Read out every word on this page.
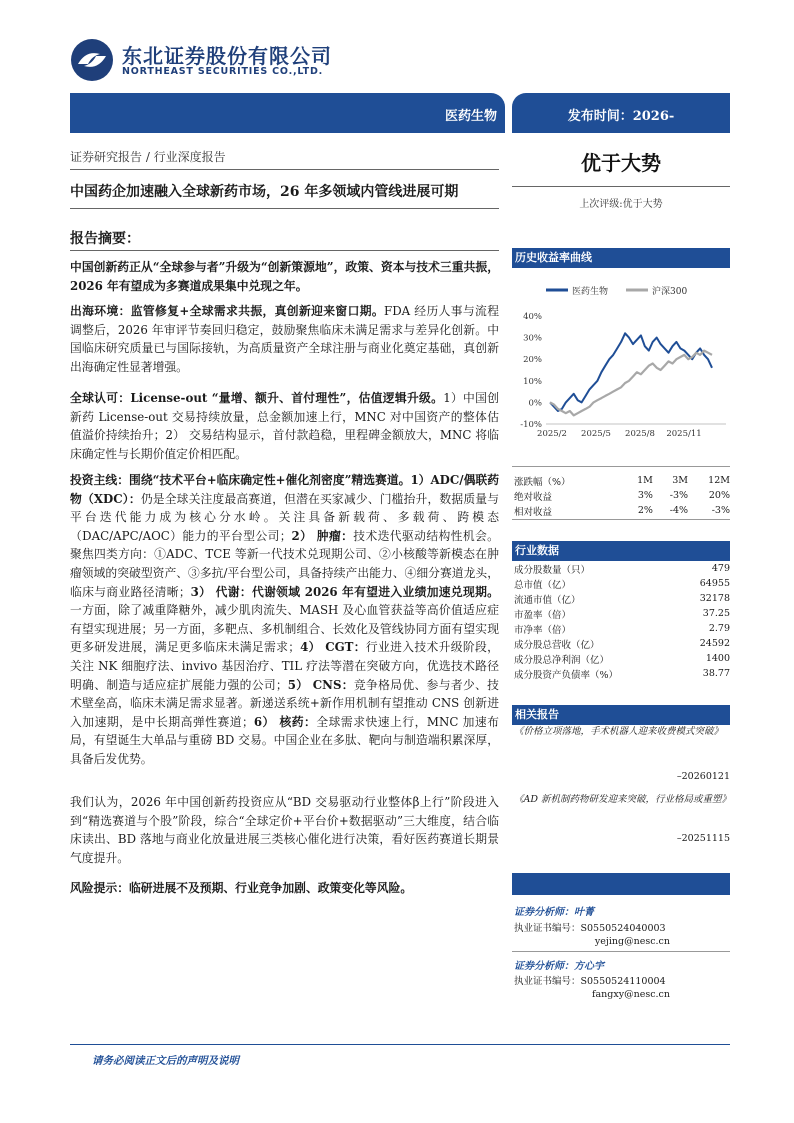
东北证券股份有限公司
NORTHEAST SECURITIES CO.,LTD.
医药生物	发布时间：2026-
证券研究报告 / 行业深度报告
中国药企加速融入全球新药市场，26 年多领域内管线进展可期
优于大势
上次评级:优于大势
报告摘要：
中国创新药正从“全球参与者”升级为“创新策源地”，政策、资本与技术三重共振，2026 年有望成为多赛道成果集中兑现之年。
出海环境：监管修复+全球需求共振，真创新迎来窗口期。FDA 经历人事与流程调整后，2026 年审评节奏回归稳定，鼓励聚焦临床未满足需求与差异化创新。中国临床研究质量已与国际接轨，为高质量资产全球注册与商业化奠定基础，真创新出海确定性显著增强。
全球认可：License-out “量增、额升、首付理性”，估值逻辑升级。1）中国创新药 License-out 交易持续放量，总金额加速上行，MNC 对中国资产的整体估值溢价持续抬升；2） 交易结构显示，首付款趋稳，里程碑金额放大，MNC 将临床确定性与长期价值定价相匹配。
投资主线：围绕“技术平台+临床确定性+催化剂密度”精选赛道。1）ADC/偶联药物（XDC）：仍是全球关注度最高赛道，但潜在买家减少、门槛抬升，数据质量与平台迭代能力成为核心分水岭。关注具备新载荷、多载荷、跨模态（DAC/APC/AOC）能力的平台型公司；2） 肿瘤：技术迭代驱动结构性机会。聚焦四类方向：①ADC、TCE 等新一代技术兑现期公司、②小核酸等新模态在肿瘤领域的突破型资产、③多抗/平台型公司，具备持续产出能力、④细分赛道龙头，临床与商业路径清晰；3） 代谢：代谢领域 2026 年有望进入业绩加速兑现期。一方面，除了减重降糖外，减少肌肉流失、MASH 及心血管获益等高价值适应症有望实现进展；另一方面，多靶点、多机制组合、长效化及管线协同方面有望实现更多研发进展，满足更多临床未满足需求；4） CGT：行业进入技术升级阶段，关注 NK 细胞疗法、invivo 基因治疗、TIL 疗法等潜在突破方向，优选技术路径明确、制造与适应症扩展能力强的公司；5） CNS：竞争格局优、参与者少、技术壁垒高，临床未满足需求显著。新递送系统+新作用机制有望推动 CNS 创新进入加速期，是中长期高弹性赛道；6） 核药：全球需求快速上行，MNC 加速布局，有望诞生大单品与重磅 BD 交易。中国企业在多肽、靶向与制造端积累深厚，具备后发优势。
我们认为，2026 年中国创新药投资应从“BD 交易驱动行业整体β上行”阶段进入到“精选赛道与个股”阶段，综合“全球定价+平台价+数据驱动”三大维度，结合临床读出、BD 落地与商业化放量进展三类核心催化进行决策，看好医药赛道长期景气度提升。
风险提示：临研进展不及预期、行业竞争加剧、政策变化等风险。
历史收益率曲线
医药生物	沪深300
40%
30%
20%
10%
0%
-10%
2025/2 2025/5 2025/8 2025/11
涨跌幅（%）	1M	3M	12M
绝对收益	3%	-3%	20%
相对收益	2%	-4%	-3%
行业数据
成分股数量（只）	479
总市值（亿）	64955
流通市值（亿）	32178
市盈率（倍）	37.25
市净率（倍）	2.79
成分股总营收（亿）	24592
成分股总净利润（亿）	1400
成分股资产负债率（%）	38.77
相关报告
《价格立项落地，手术机器人迎来收费模式突破》
–20260121
《AD 新机制药物研发迎来突破，行业格局或重塑》
–20251115
证券分析师：叶菁
执业证书编号：S0550524040003
yejing@nesc.cn
证券分析师：方心宇
执业证书编号：S0550524110004
fangxy@nesc.cn
请务必阅读正文后的声明及说明
